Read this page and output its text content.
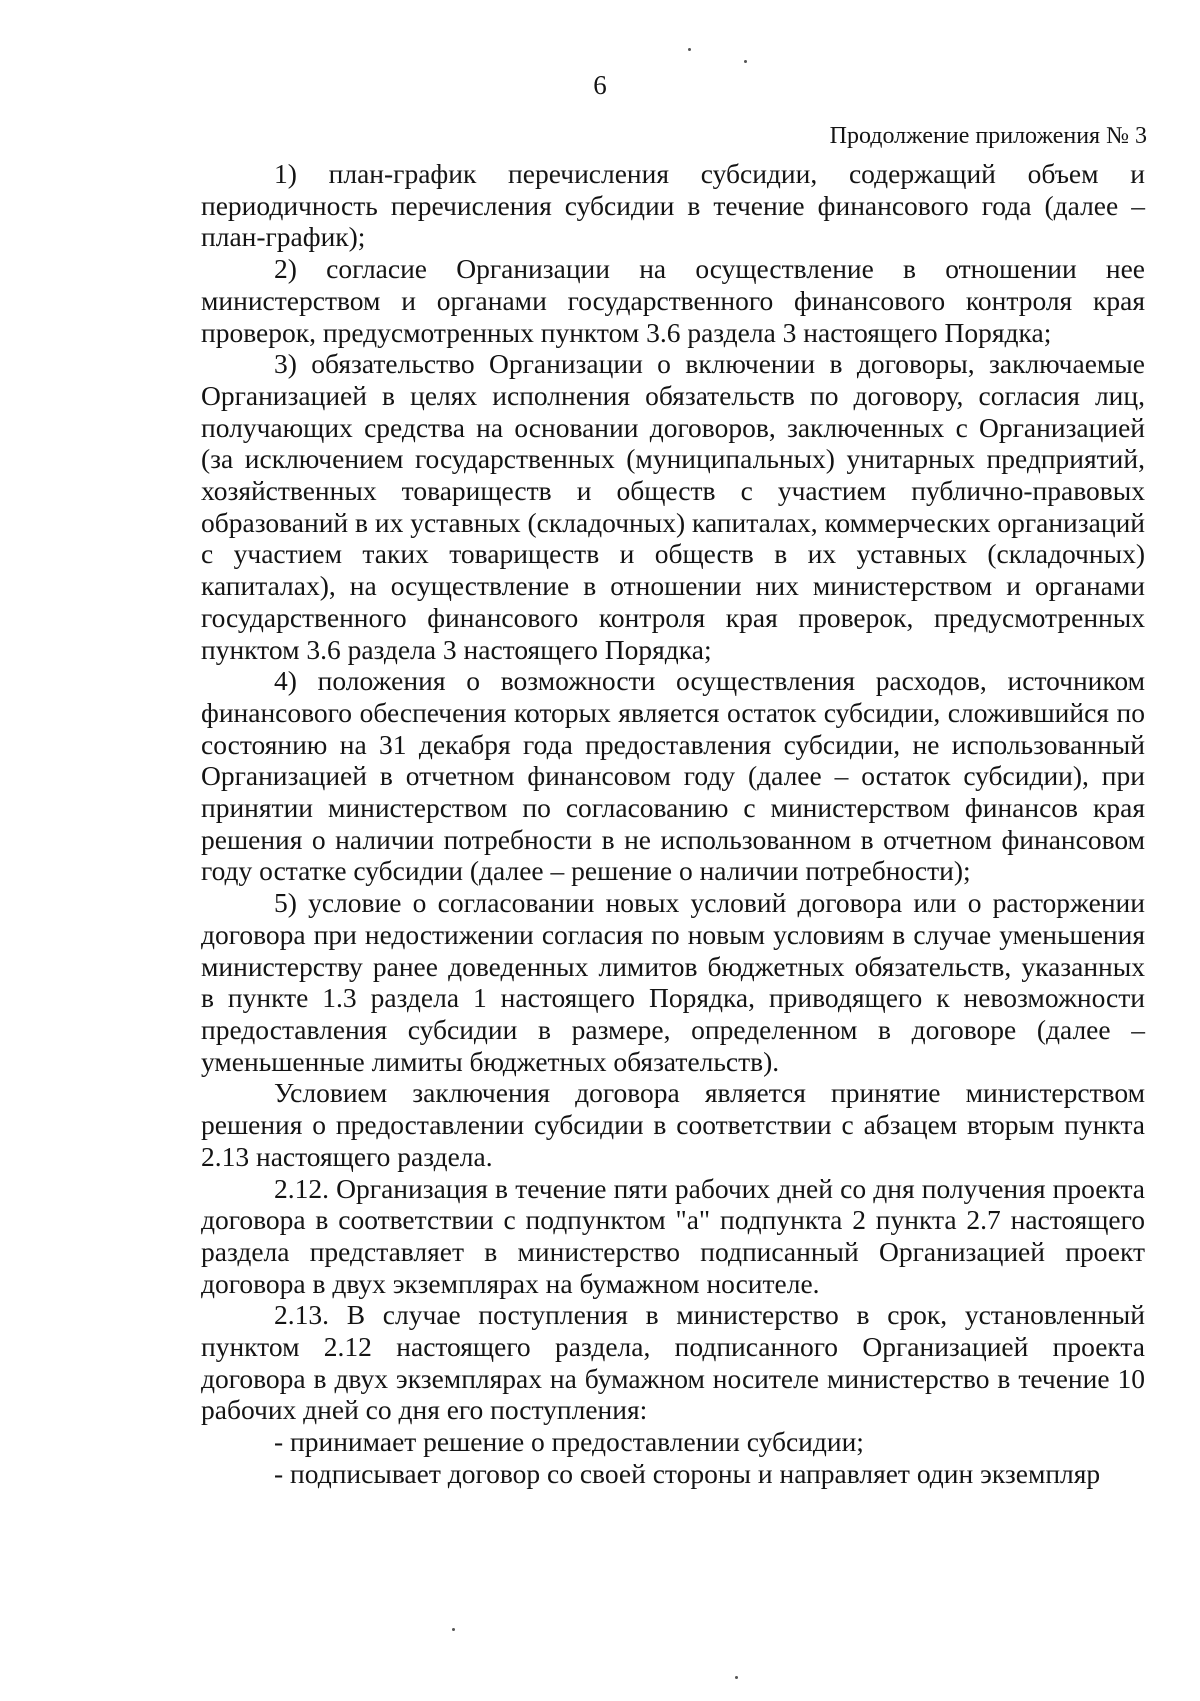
6
Продолжение приложения № 3

1) план-график перечисления субсидии, содержащий объем и периодичность перечисления субсидии в течение финансового года (далее – план-график);

2) согласие Организации на осуществление в отношении нее министерством и органами государственного финансового контроля края проверок, предусмотренных пунктом 3.6 раздела 3 настоящего Порядка;

3) обязательство Организации о включении в договоры, заключаемые Организацией в целях исполнения обязательств по договору, согласия лиц, получающих средства на основании договоров, заключенных с Организацией (за исключением государственных (муниципальных) унитарных предприятий, хозяйственных товариществ и обществ с участием публично-правовых образований в их уставных (складочных) капиталах, коммерческих организаций с участием таких товариществ и обществ в их уставных (складочных) капиталах), на осуществление в отношении них министерством и органами государственного финансового контроля края проверок, предусмотренных пунктом 3.6 раздела 3 настоящего Порядка;

4) положения о возможности осуществления расходов, источником финансового обеспечения которых является остаток субсидии, сложившийся по состоянию на 31 декабря года предоставления субсидии, не использованный Организацией в отчетном финансовом году (далее – остаток субсидии), при принятии министерством по согласованию с министерством финансов края решения о наличии потребности в не использованном в отчетном финансовом году остатке субсидии (далее – решение о наличии потребности);

5) условие о согласовании новых условий договора или о расторжении договора при недостижении согласия по новым условиям в случае уменьшения министерству ранее доведенных лимитов бюджетных обязательств, указанных в пункте 1.3 раздела 1 настоящего Порядка, приводящего к невозможности предоставления субсидии в размере, определенном в договоре (далее – уменьшенные лимиты бюджетных обязательств).

Условием заключения договора является принятие министерством решения о предоставлении субсидии в соответствии с абзацем вторым пункта 2.13 настоящего раздела.

2.12. Организация в течение пяти рабочих дней со дня получения проекта договора в соответствии с подпунктом "а" подпункта 2 пункта 2.7 настоящего раздела представляет в министерство подписанный Организацией проект договора в двух экземплярах на бумажном носителе.

2.13. В случае поступления в министерство в срок, установленный пунктом 2.12 настоящего раздела, подписанного Организацией проекта договора в двух экземплярах на бумажном носителе министерство в течение 10 рабочих дней со дня его поступления:

- принимает решение о предоставлении субсидии;

- подписывает договор со своей стороны и направляет один экземпляр
